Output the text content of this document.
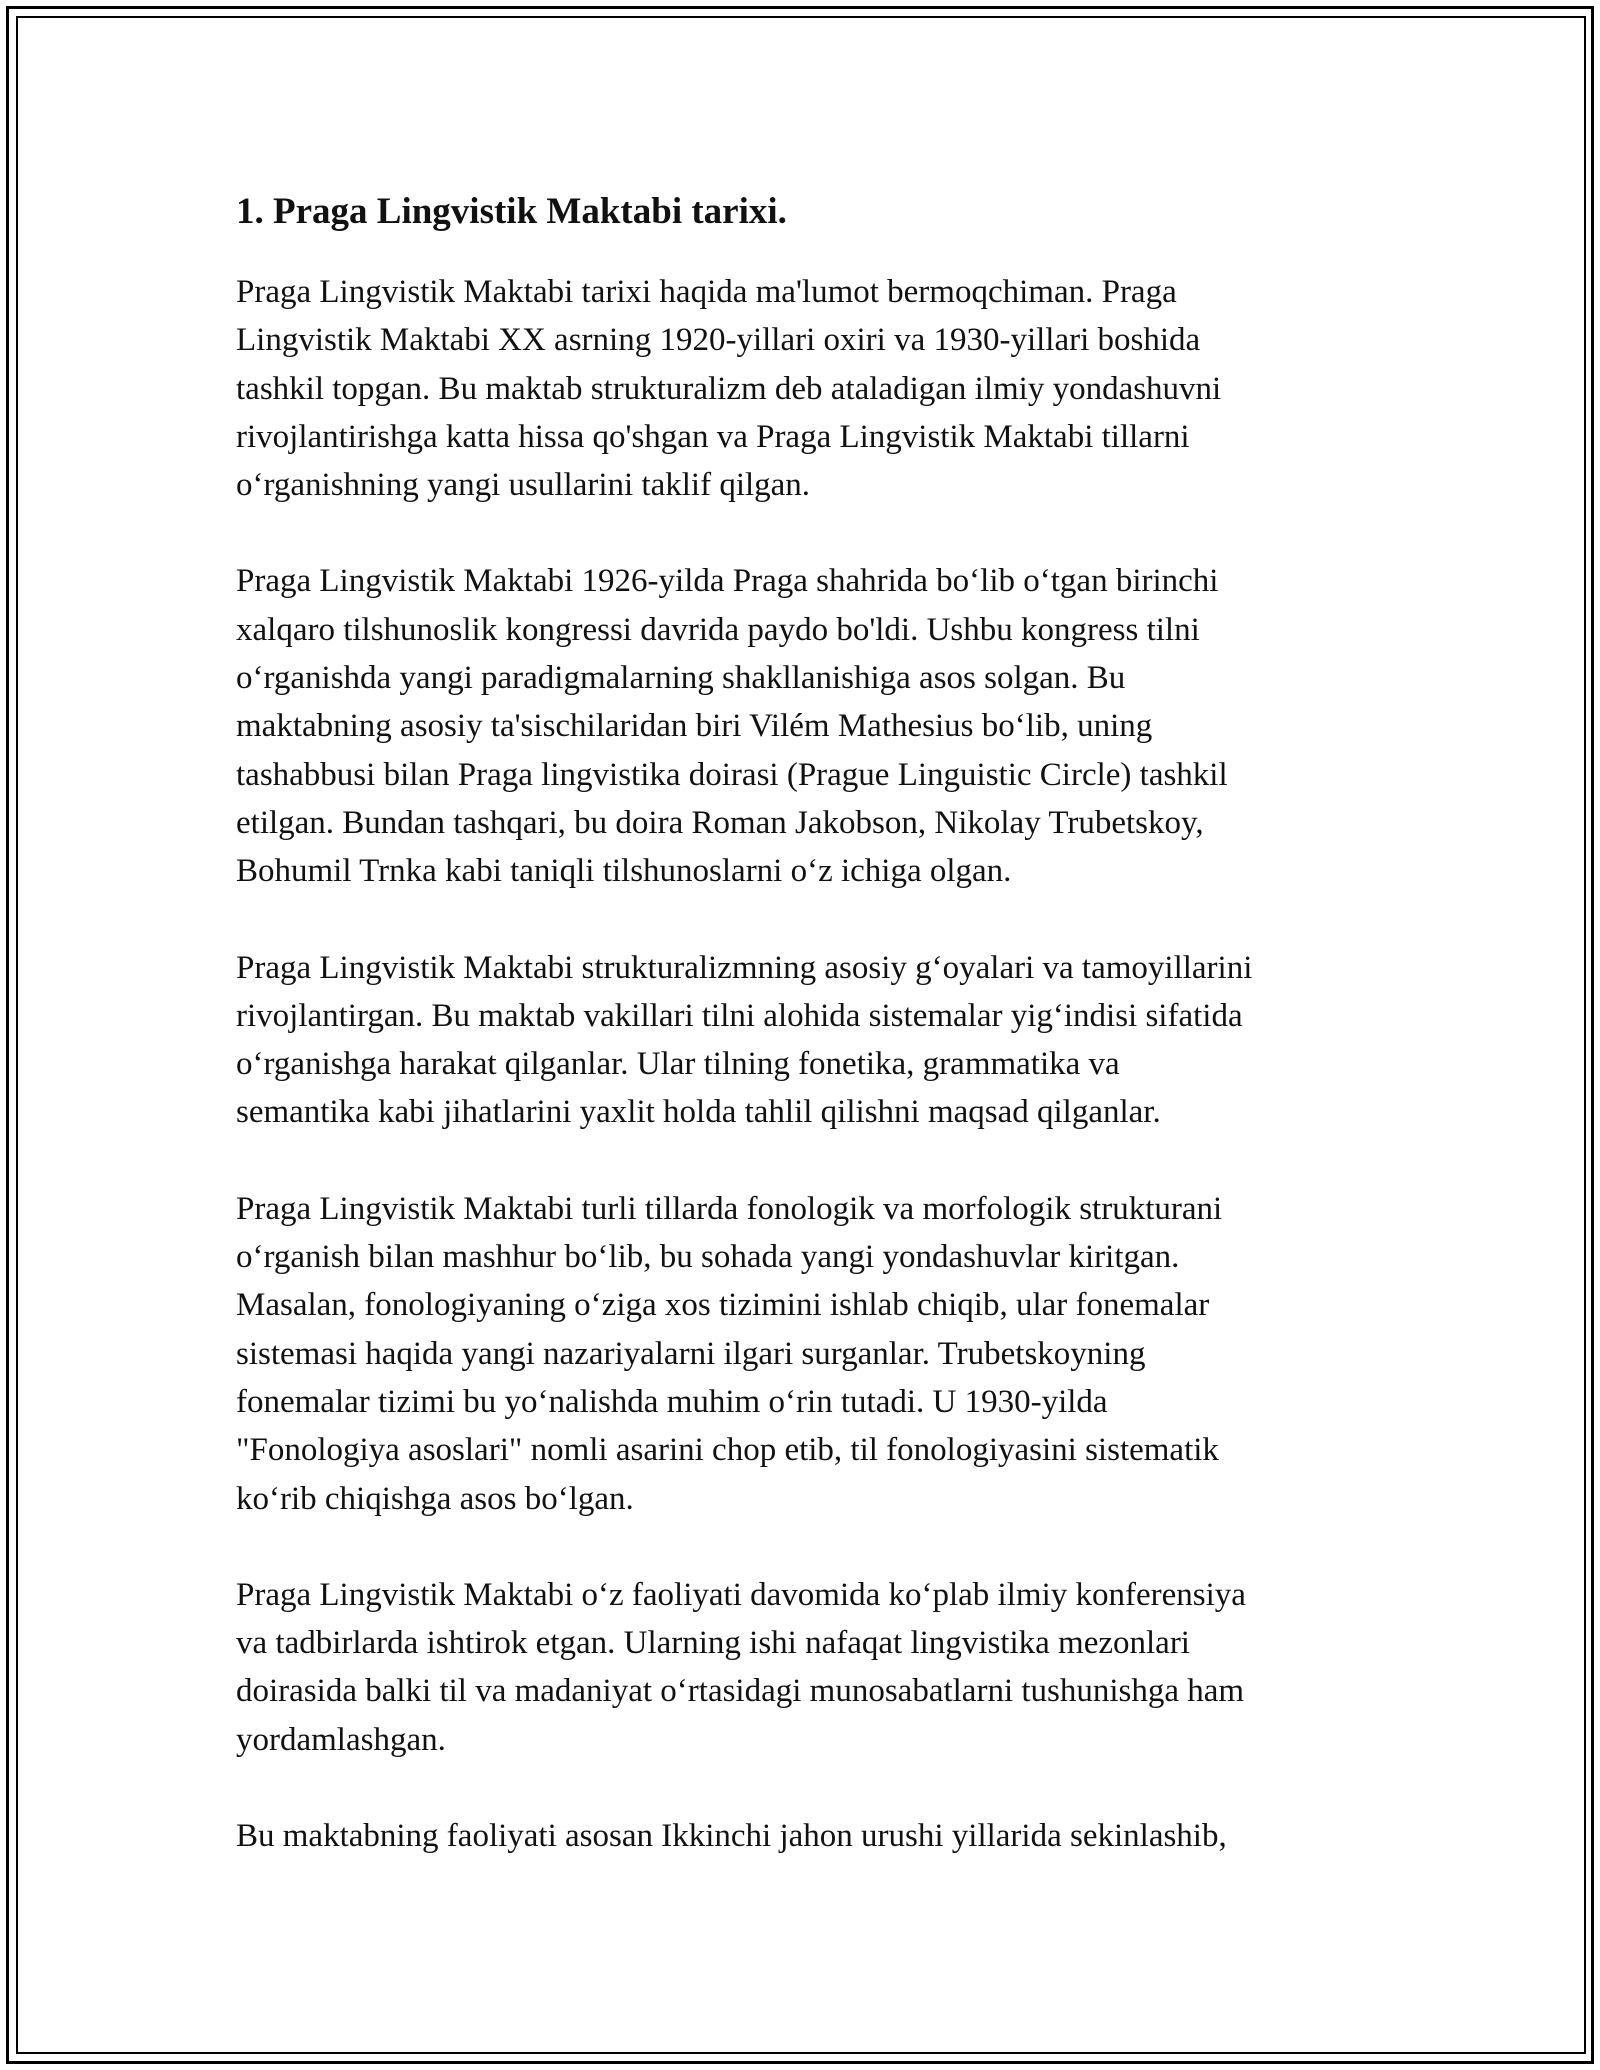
1. Praga Lingvistik Maktabi tarixi.

Praga Lingvistik Maktabi tarixi haqida ma'lumot bermoqchiman. Praga
Lingvistik Maktabi XX asrning 1920-yillari oxiri va 1930-yillari boshida
tashkil topgan. Bu maktab strukturalizm deb ataladigan ilmiy yondashuvni
rivojlantirishga katta hissa qo'shgan va Praga Lingvistik Maktabi tillarni
o‘rganishning yangi usullarini taklif qilgan.

Praga Lingvistik Maktabi 1926-yilda Praga shahrida bo‘lib o‘tgan birinchi
xalqaro tilshunoslik kongressi davrida paydo bo'ldi. Ushbu kongress tilni
o‘rganishda yangi paradigmalarning shakllanishiga asos solgan. Bu
maktabning asosiy ta'sischilaridan biri Vilém Mathesius bo‘lib, uning
tashabbusi bilan Praga lingvistika doirasi (Prague Linguistic Circle) tashkil
etilgan. Bundan tashqari, bu doira Roman Jakobson, Nikolay Trubetskoy,
Bohumil Trnka kabi taniqli tilshunoslarni o‘z ichiga olgan.

Praga Lingvistik Maktabi strukturalizmning asosiy g‘oyalari va tamoyillarini
rivojlantirgan. Bu maktab vakillari tilni alohida sistemalar yig‘indisi sifatida
o‘rganishga harakat qilganlar. Ular tilning fonetika, grammatika va
semantika kabi jihatlarini yaxlit holda tahlil qilishni maqsad qilganlar.

Praga Lingvistik Maktabi turli tillarda fonologik va morfologik strukturani
o‘rganish bilan mashhur bo‘lib, bu sohada yangi yondashuvlar kiritgan.
Masalan, fonologiyaning o‘ziga xos tizimini ishlab chiqib, ular fonemalar
sistemasi haqida yangi nazariyalarni ilgari surganlar. Trubetskoyning
fonemalar tizimi bu yo‘nalishda muhim o‘rin tutadi. U 1930-yilda
"Fonologiya asoslari" nomli asarini chop etib, til fonologiyasini sistematik
ko‘rib chiqishga asos bo‘lgan.

Praga Lingvistik Maktabi o‘z faoliyati davomida ko‘plab ilmiy konferensiya
va tadbirlarda ishtirok etgan. Ularning ishi nafaqat lingvistika mezonlari
doirasida balki til va madaniyat o‘rtasidagi munosabatlarni tushunishga ham
yordamlashgan.

Bu maktabning faoliyati asosan Ikkinchi jahon urushi yillarida sekinlashib,
